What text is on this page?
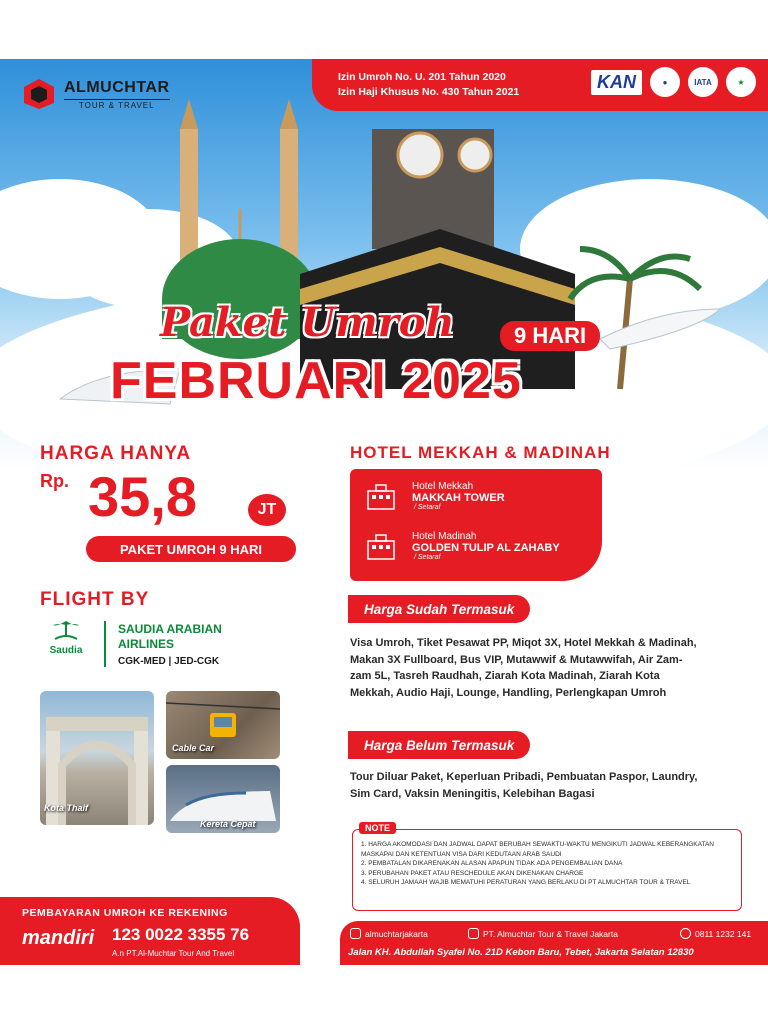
ALMUCHTAR
TOUR & TRAVEL
Izin Umroh No. U. 201 Tahun 2020
Izin Haji Khusus No. 430 Tahun 2021
KAN	●	IATA	★
Paket Umroh	9 HARI
FEBRUARI 2025
HARGA HANYA
Rp. 35,8	JT
PAKET UMROH 9 HARI
FLIGHT BY
Saudia
SAUDIA ARABIAN
AIRLINES
CGK-MED | JED-CGK
Kota Thaif
Cable Car
Kereta Cepat
HOTEL MEKKAH & MADINAH
Hotel Mekkah
MAKKAH TOWER
/ Setaraf
Hotel Madinah
GOLDEN TULIP AL ZAHABY
/ Setaraf
Harga Sudah Termasuk
Visa Umroh, Tiket Pesawat PP, Miqot 3X, Hotel Mekkah & Madinah, Makan 3X Fullboard, Bus VIP, Mutawwif & Mutawwifah, Air Zam-zam 5L, Tasreh Raudhah, Ziarah Kota Madinah, Ziarah Kota Mekkah, Audio Haji, Lounge, Handling, Perlengkapan Umroh
Harga Belum Termasuk
Tour Diluar Paket, Keperluan Pribadi, Pembuatan Paspor, Laundry, Sim Card, Vaksin Meningitis, Kelebihan Bagasi
NOTE
1. HARGA AKOMODASI DAN JADWAL DAPAT BERUBAH SEWAKTU-WAKTU MENGIKUTI JADWAL KEBERANGKATAN MASKAPAI DAN KETENTUAN VISA DARI KEDUTAAN ARAB SAUDI
2. PEMBATALAN DIKARENAKAN ALASAN APAPUN TIDAK ADA PENGEMBALIAN DANA
3. PERUBAHAN PAKET ATAU RESCHEDULE AKAN DIKENAKAN CHARGE
4. SELURUH JAMAAH WAJIB MEMATUHI PERATURAN YANG BERLAKU DI PT ALMUCHTAR TOUR & TRAVEL
PEMBAYARAN UMROH KE REKENING
mandiri 123 0022 3355 76
A.n PT.Al-Muchtar Tour And Travel
almuchtarjakarta	PT. Almuchtar Tour & Travel Jakarta	0811 1232 141
Jalan KH. Abdullah Syafei No. 21D Kebon Baru, Tebet, Jakarta Selatan 12830
